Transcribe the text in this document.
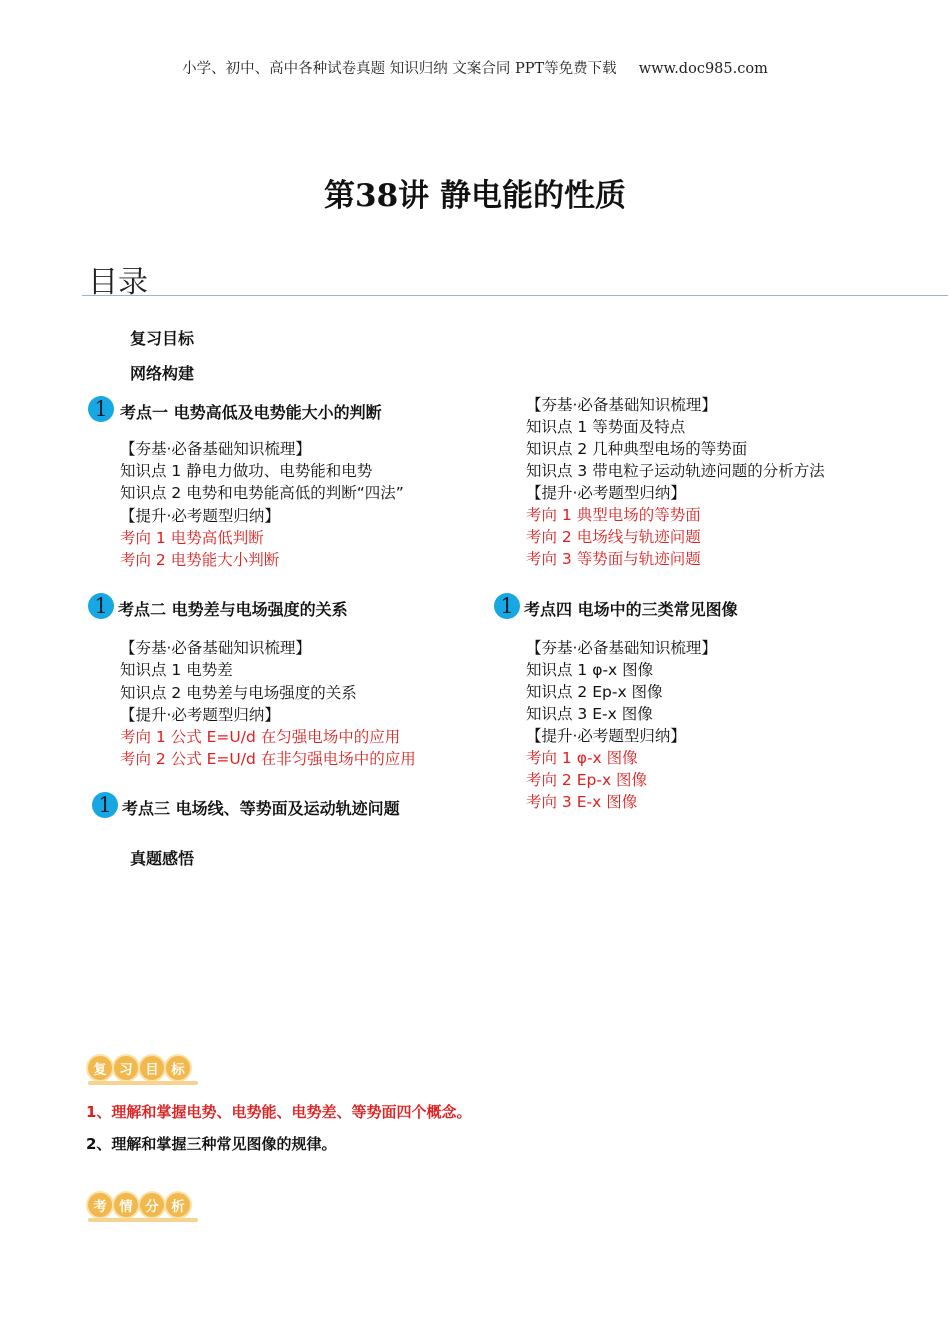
小学、初中、高中各种试卷真题 知识归纳 文案合同 PPT等免费下载 www.doc985.com
第38讲 静电能的性质
目录
复习目标
网络构建
1 考点一 电势高低及电势能大小的判断
【夯基·必备基础知识梳理】
知识点 1 静电力做功、电势能和电势
知识点 2 电势和电势能高低的判断“四法”
【提升·必考题型归纳】
考向 1 电势高低判断
考向 2 电势能大小判断
1 考点二 电势差与电场强度的关系
【夯基·必备基础知识梳理】
知识点 1 电势差
知识点 2 电势差与电场强度的关系
【提升·必考题型归纳】
考向 1 公式 E=U/d 在匀强电场中的应用
考向 2 公式 E=U/d 在非匀强电场中的应用
1 考点三 电场线、等势面及运动轨迹问题
真题感悟
【夯基·必备基础知识梳理】
知识点 1 等势面及特点
知识点 2 几种典型电场的等势面
知识点 3 带电粒子运动轨迹问题的分析方法
【提升·必考题型归纳】
考向 1 典型电场的等势面
考向 2 电场线与轨迹问题
考向 3 等势面与轨迹问题
1 考点四 电场中的三类常见图像
【夯基·必备基础知识梳理】
知识点 1 φ-x 图像
知识点 2 Ep-x 图像
知识点 3 E-x 图像
【提升·必考题型归纳】
考向 1 φ-x 图像
考向 2 Ep-x 图像
考向 3 E-x 图像
复 习 目 标
1、理解和掌握电势、电势能、电势差、等势面四个概念。
2、理解和掌握三种常见图像的规律。
考 情 分 析
